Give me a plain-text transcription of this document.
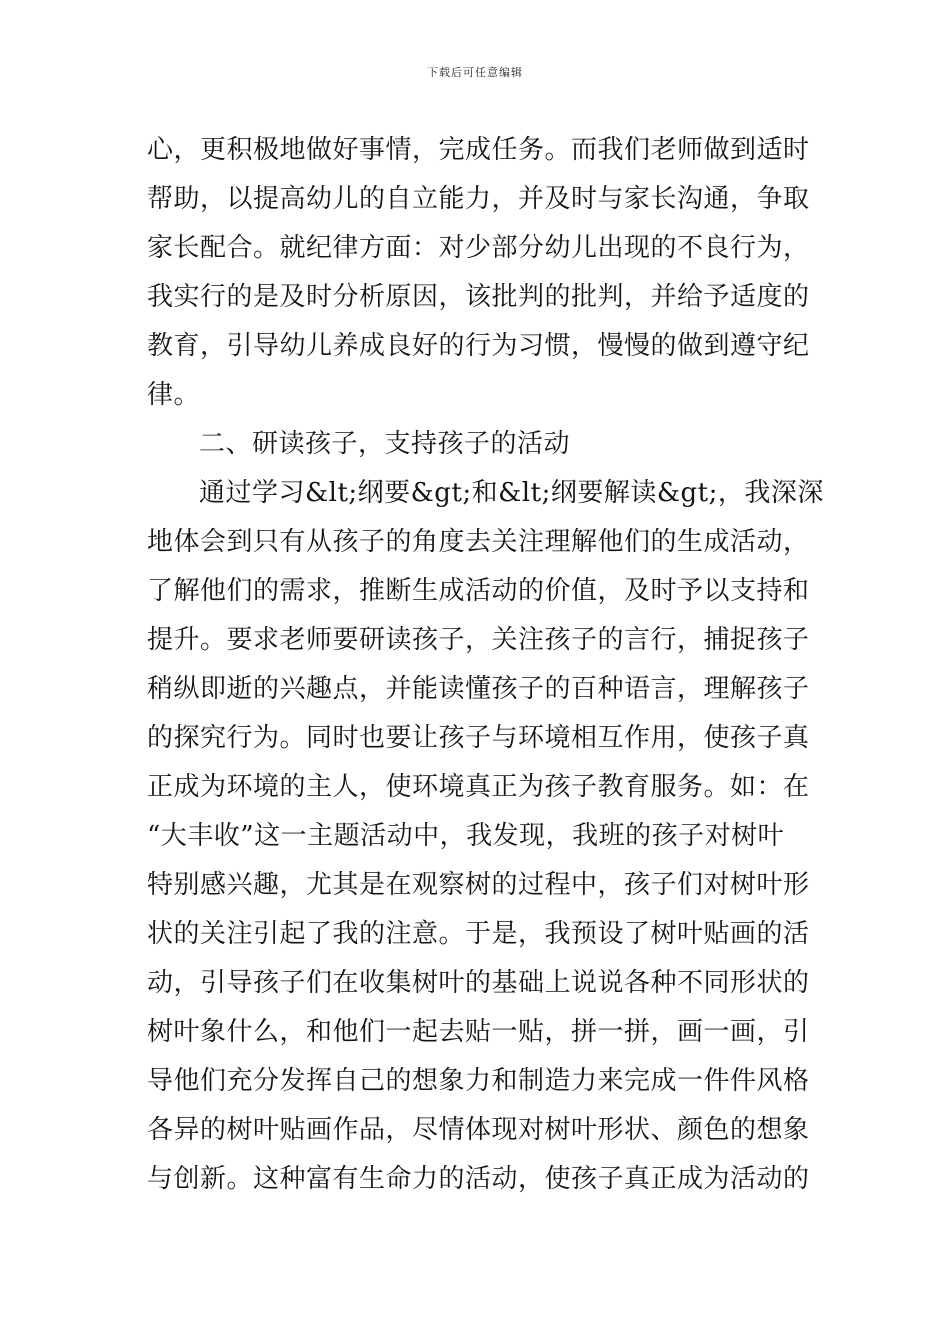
下载后可任意编辑
心，更积极地做好事情，完成任务。而我们老师做到适时
帮助，以提高幼儿的自立能力，并及时与家长沟通，争取
家长配合。就纪律方面：对少部分幼儿出现的不良行为，
我实行的是及时分析原因，该批判的批判，并给予适度的
教育，引导幼儿养成良好的行为习惯，慢慢的做到遵守纪
律。
二、研读孩子，支持孩子的活动
通过学习&lt;纲要&gt;和&lt;纲要解读&gt;，我深深
地体会到只有从孩子的角度去关注理解他们的生成活动，
了解他们的需求，推断生成活动的价值，及时予以支持和
提升。要求老师要研读孩子，关注孩子的言行，捕捉孩子
稍纵即逝的兴趣点，并能读懂孩子的百种语言，理解孩子
的探究行为。同时也要让孩子与环境相互作用，使孩子真
正成为环境的主人，使环境真正为孩子教育服务。如：在
“大丰收”这一主题活动中，我发现，我班的孩子对树叶
特别感兴趣，尤其是在观察树的过程中，孩子们对树叶形
状的关注引起了我的注意。于是，我预设了树叶贴画的活
动，引导孩子们在收集树叶的基础上说说各种不同形状的
树叶象什么，和他们一起去贴一贴，拼一拼，画一画，引
导他们充分发挥自己的想象力和制造力来完成一件件风格
各异的树叶贴画作品，尽情体现对树叶形状、颜色的想象
与创新。这种富有生命力的活动，使孩子真正成为活动的
